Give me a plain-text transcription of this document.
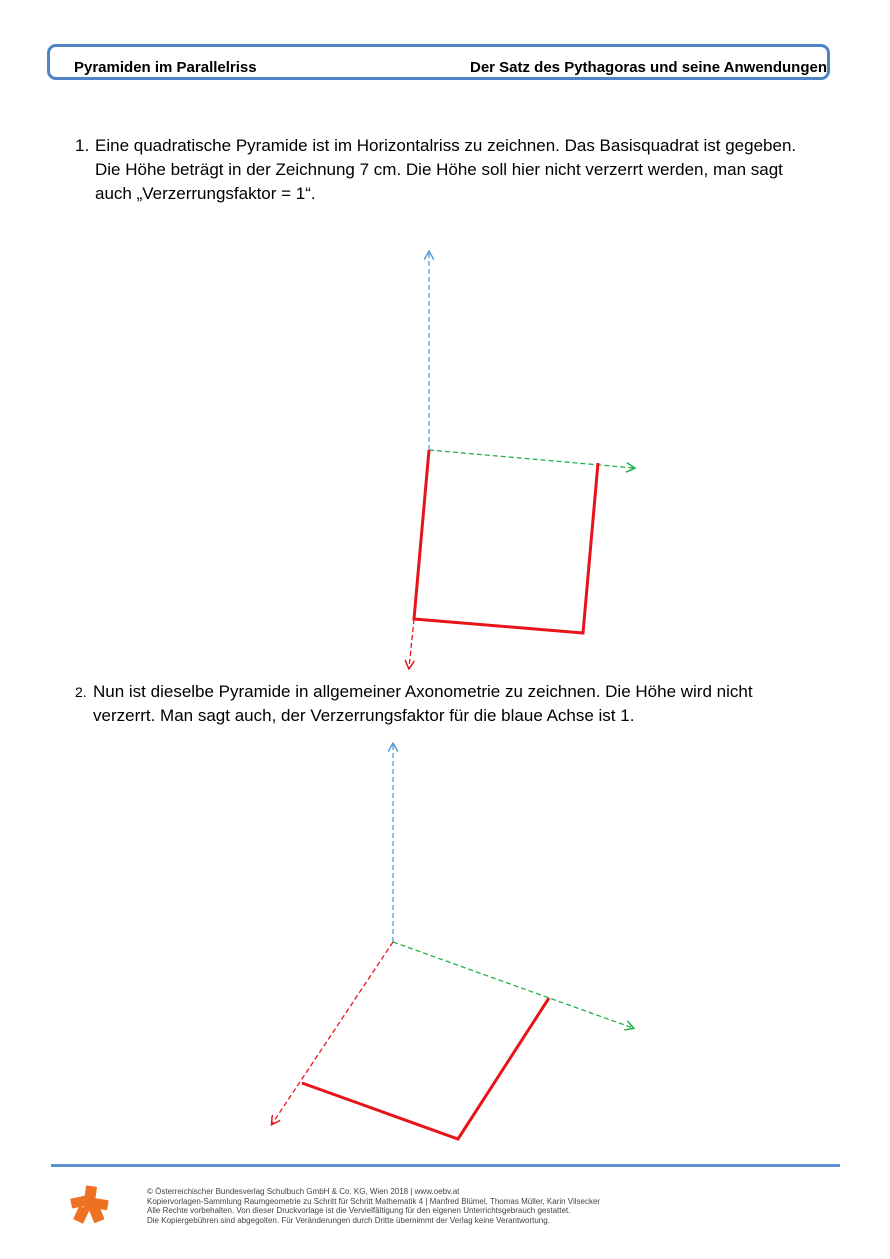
Pyramiden im Parallelriss	Der Satz des Pythagoras und seine Anwendungen
1. Eine quadratische Pyramide ist im Horizontalriss zu zeichnen. Das Basisquadrat ist gegeben.
Die Höhe beträgt in der Zeichnung 7 cm. Die Höhe soll hier nicht verzerrt werden, man sagt
auch „Verzerrungsfaktor = 1“.
2. Nun ist dieselbe Pyramide in allgemeiner Axonometrie zu zeichnen. Die Höhe wird nicht
verzerrt. Man sagt auch, der Verzerrungsfaktor für die blaue Achse ist 1.
© Österreichischer Bundesverlag Schulbuch GmbH & Co. KG, Wien 2018 | www.oebv.at
Kopiervorlagen-Sammlung Raumgeometrie zu Schritt für Schritt Mathematik 4 | Manfred Blümel, Thomas Müller, Karin Vilsecker
Alle Rechte vorbehalten. Von dieser Druckvorlage ist die Vervielfältigung für den eigenen Unterrichtsgebrauch gestattet.
Die Kopiergebühren sind abgegolten. Für Veränderungen durch Dritte übernimmt der Verlag keine Verantwortung.
